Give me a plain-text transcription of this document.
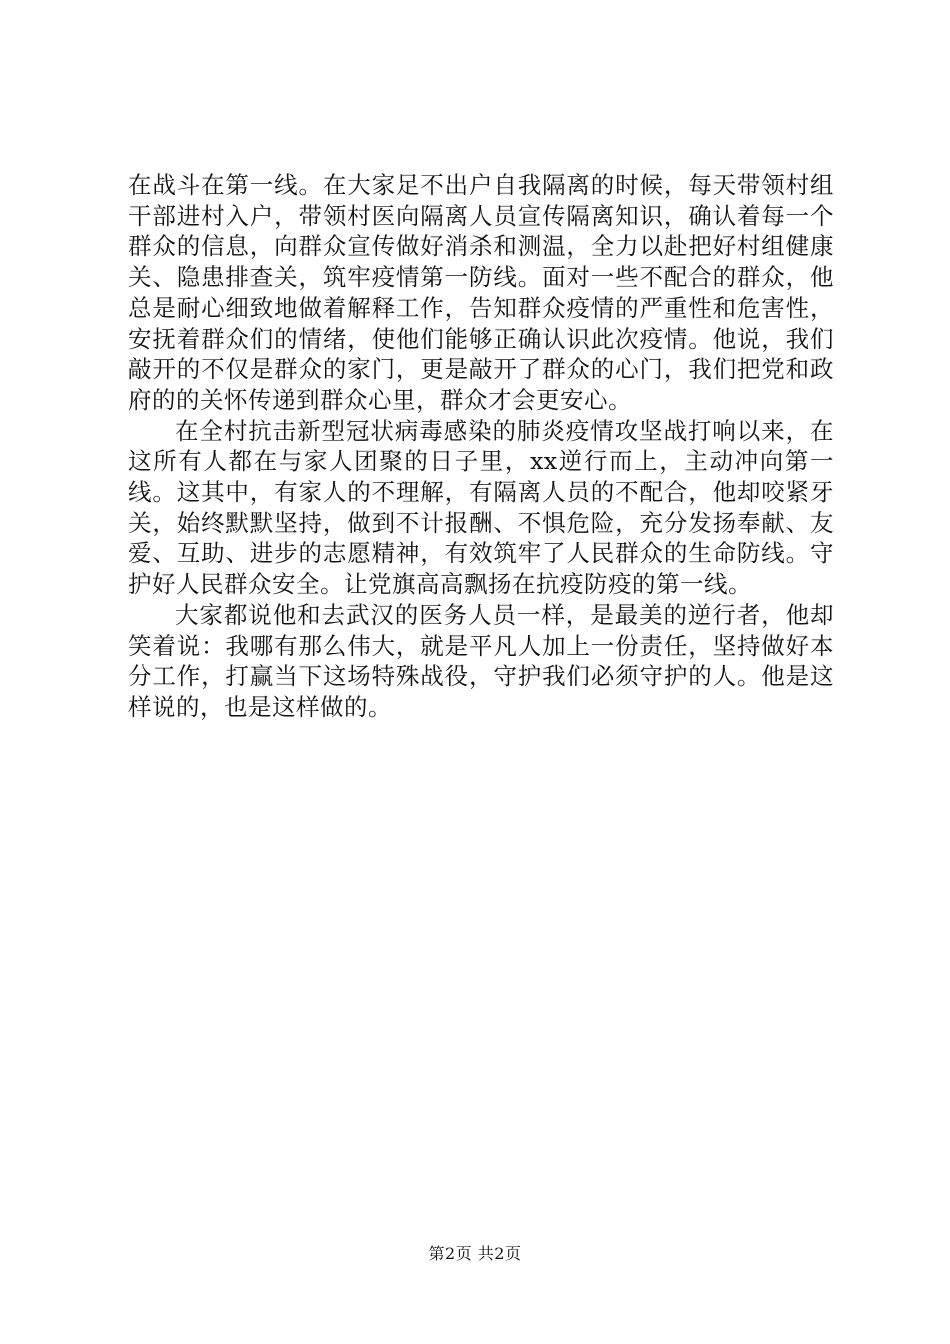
在战斗在第一线。在大家足不出户自我隔离的时候，每天带领村组干部进村入户，带领村医向隔离人员宣传隔离知识，确认着每一个群众的信息，向群众宣传做好消杀和测温，全力以赴把好村组健康关、隐患排查关，筑牢疫情第一防线。面对一些不配合的群众，他总是耐心细致地做着解释工作，告知群众疫情的严重性和危害性，安抚着群众们的情绪，使他们能够正确认识此次疫情。他说，我们敲开的不仅是群众的家门，更是敲开了群众的心门，我们把党和政府的的关怀传递到群众心里，群众才会更安心。

在全村抗击新型冠状病毒感染的肺炎疫情攻坚战打响以来，在这所有人都在与家人团聚的日子里，xx逆行而上，主动冲向第一线。这其中，有家人的不理解，有隔离人员的不配合，他却咬紧牙关，始终默默坚持，做到不计报酬、不惧危险，充分发扬奉献、友爱、互助、进步的志愿精神，有效筑牢了人民群众的生命防线。守护好人民群众安全。让党旗高高飘扬在抗疫防疫的第一线。

大家都说他和去武汉的医务人员一样，是最美的逆行者，他却笑着说：我哪有那么伟大，就是平凡人加上一份责任，坚持做好本分工作，打赢当下这场特殊战役，守护我们必须守护的人。他是这样说的，也是这样做的。

第2页 共2页
